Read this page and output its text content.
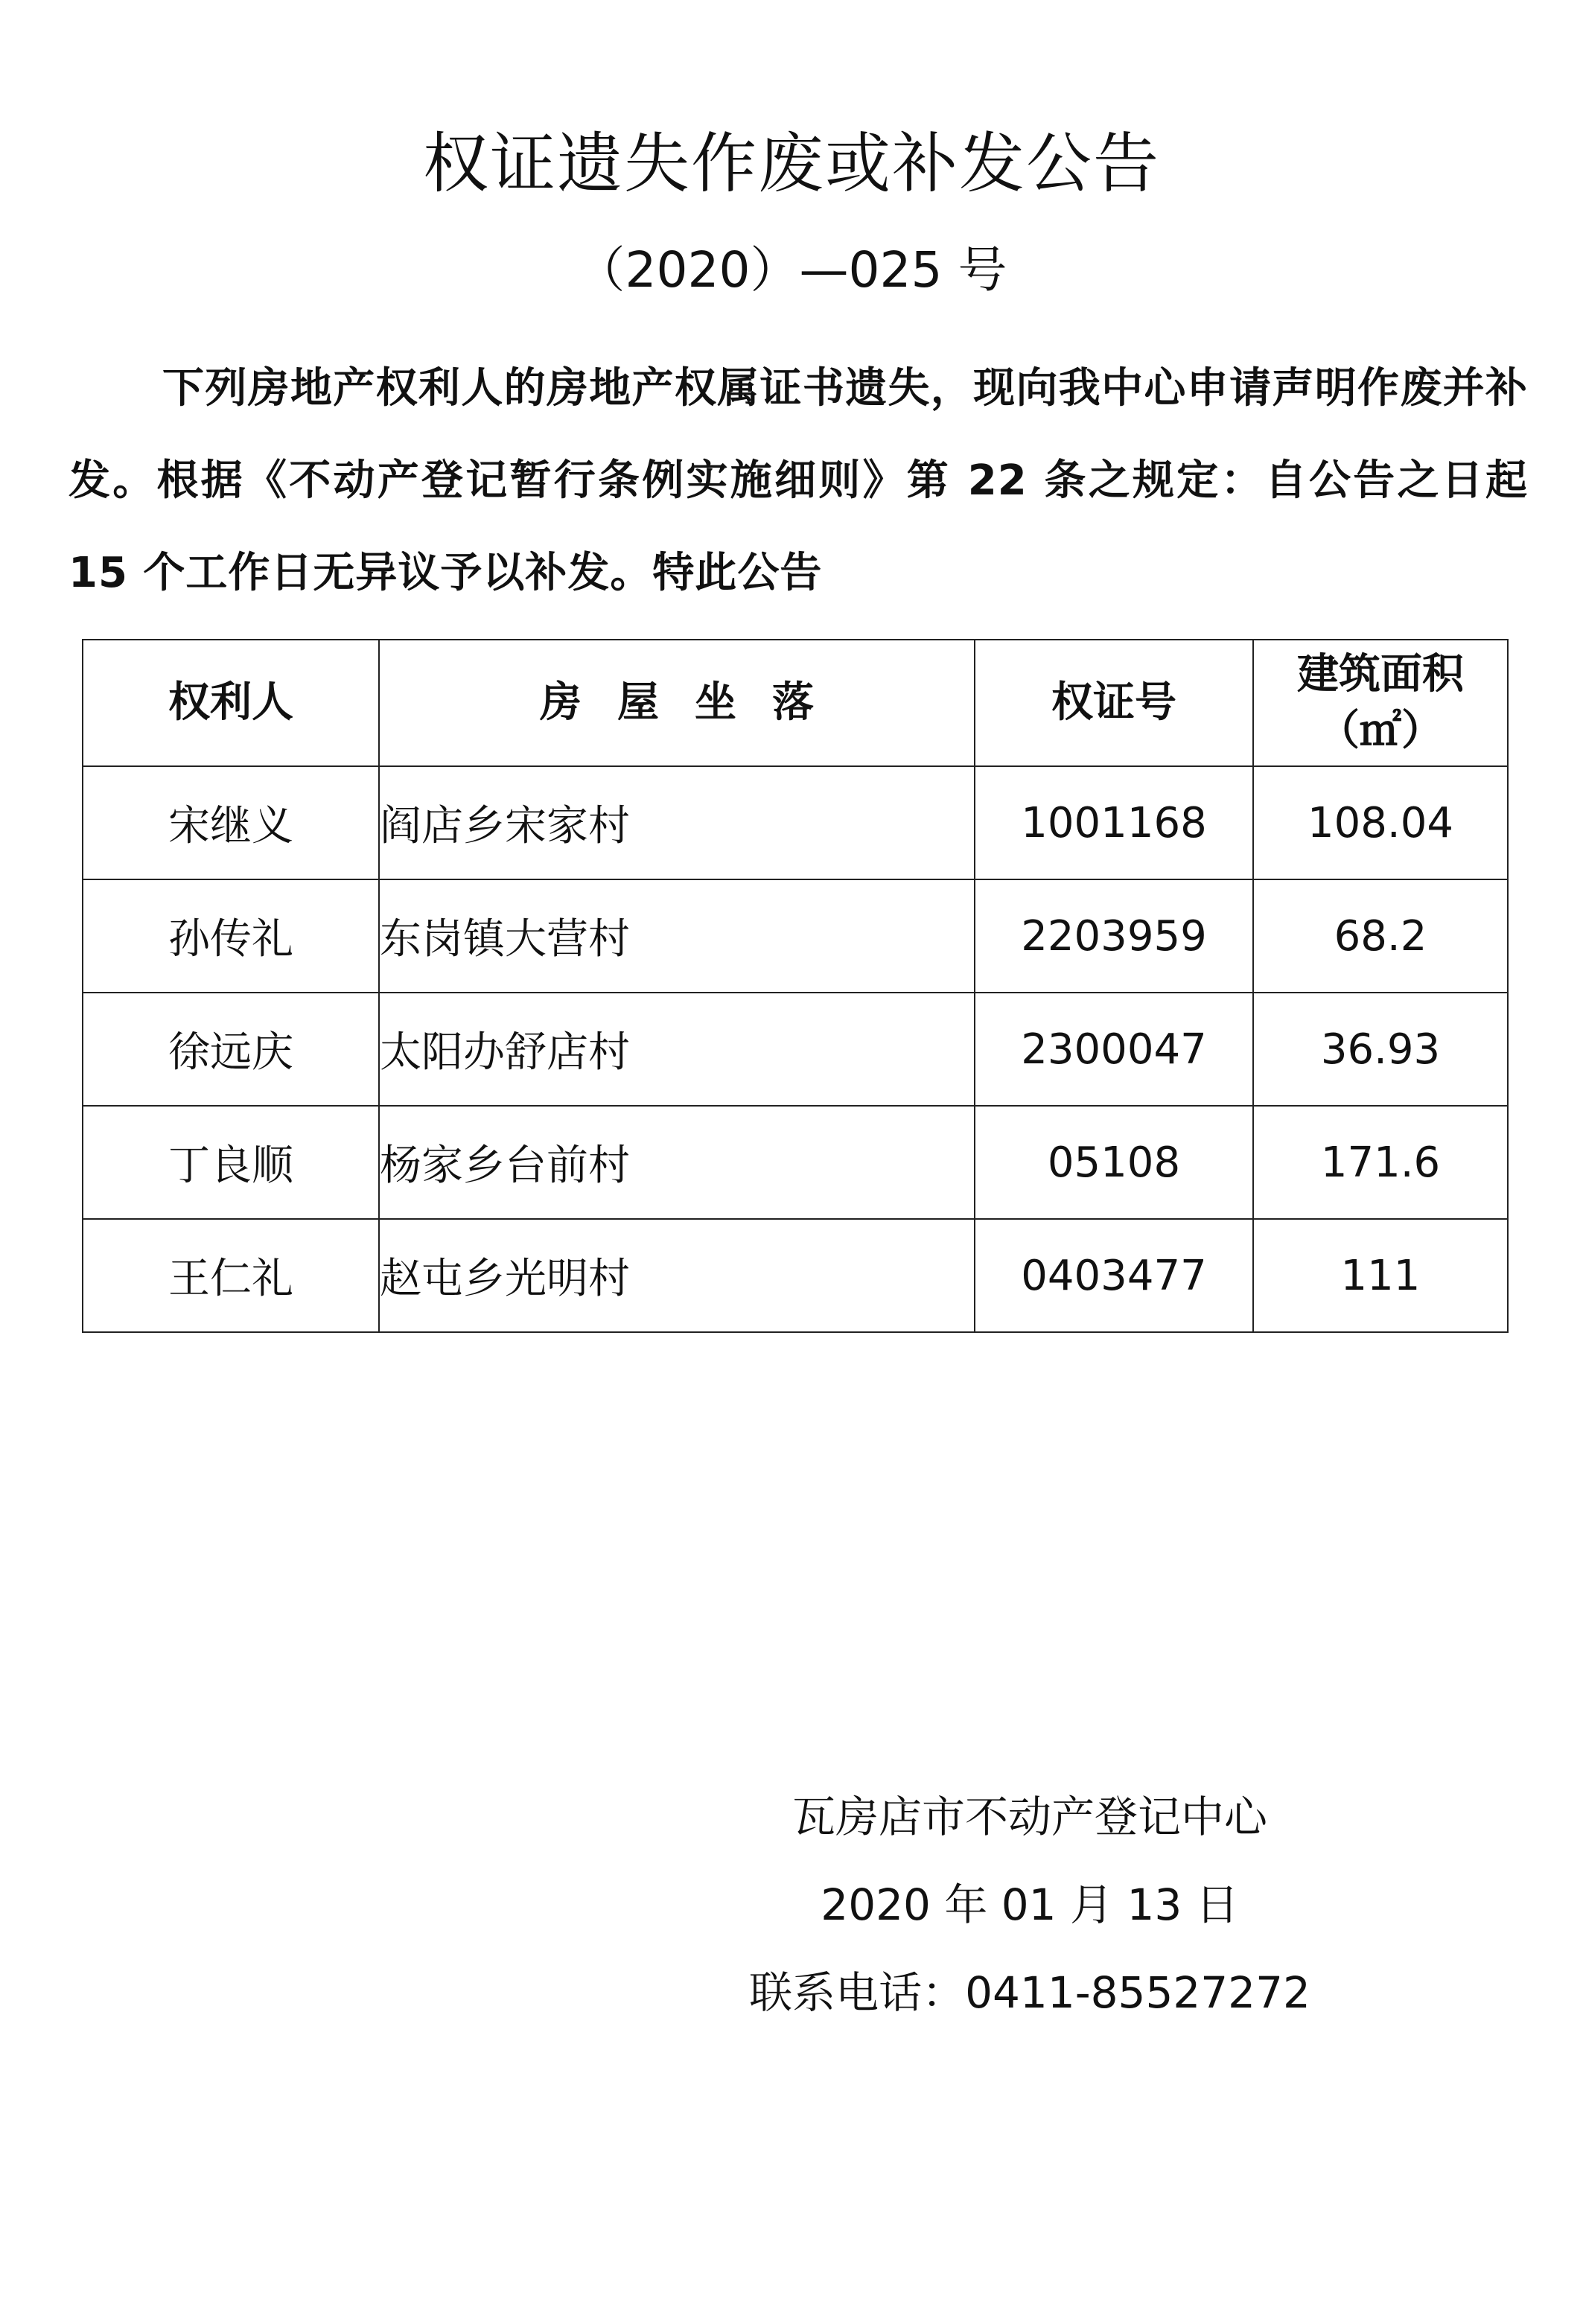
权证遗失作废或补发公告
（2020）—025 号

下列房地产权利人的房地产权属证书遗失，现向我中心申请声明作废并补发。根据《不动产登记暂行条例实施细则》第 22 条之规定：自公告之日起 15 个工作日无异议予以补发。特此公告

权利人	房屋坐落	权证号	建筑面积
（㎡）

宋继义	阎店乡宋家村	1001168	108.04
孙传礼	东岗镇大营村	2203959	68.2
徐远庆	太阳办舒店村	2300047	36.93
丁良顺	杨家乡台前村	05108	171.6
王仁礼	赵屯乡光明村	0403477	111
瓦房店市不动产登记中心
2020 年 01 月 13 日
联系电话：0411-85527272
